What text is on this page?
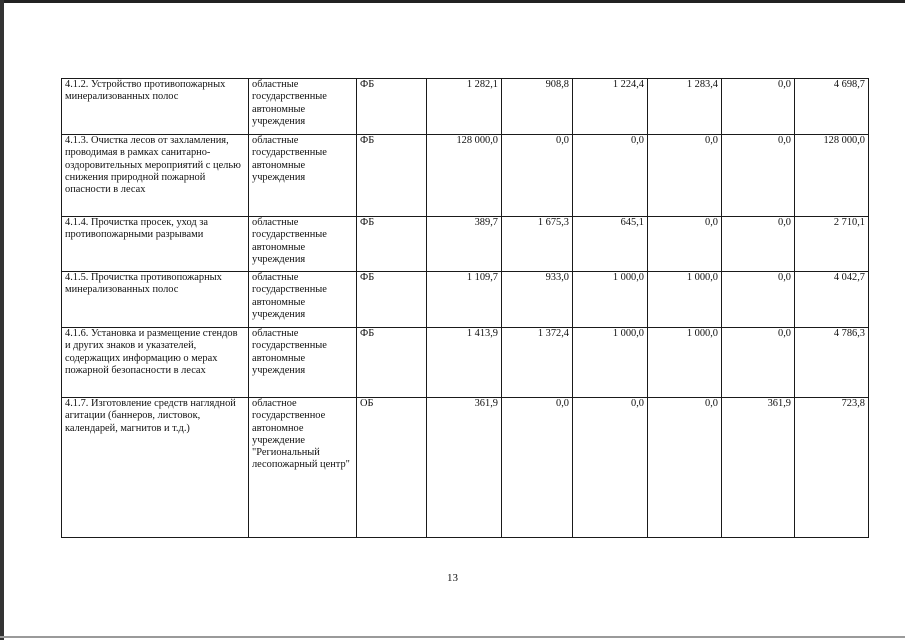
4.1.2. Устройство противопожарных минерализованных полос	областные государственные автономные учреждения	ФБ	1 282,1	908,8	1 224,4	1 283,4	0,0	4 698,7
4.1.3. Очистка лесов от захламления, проводимая в рамках санитарно-оздоровительных мероприятий с целью снижения природной пожарной опасности в лесах	областные государственные автономные учреждения	ФБ	128 000,0	0,0	0,0	0,0	0,0	128 000,0
4.1.4. Прочистка просек, уход за противопожарными разрывами	областные государственные автономные учреждения	ФБ	389,7	1 675,3	645,1	0,0	0,0	2 710,1
4.1.5. Прочистка противопожарных минерализованных полос	областные государственные автономные учреждения	ФБ	1 109,7	933,0	1 000,0	1 000,0	0,0	4 042,7
4.1.6. Установка и размещение стендов и других знаков и указателей, содержащих информацию о мерах пожарной безопасности в лесах	областные государственные автономные учреждения	ФБ	1 413,9	1 372,4	1 000,0	1 000,0	0,0	4 786,3
4.1.7. Изготовление средств наглядной агитации (баннеров, листовок, календарей, магнитов и т.д.)	областное государственное автономное учреждение "Региональный лесопожарный центр"	ОБ	361,9	0,0	0,0	0,0	361,9	723,8
13
